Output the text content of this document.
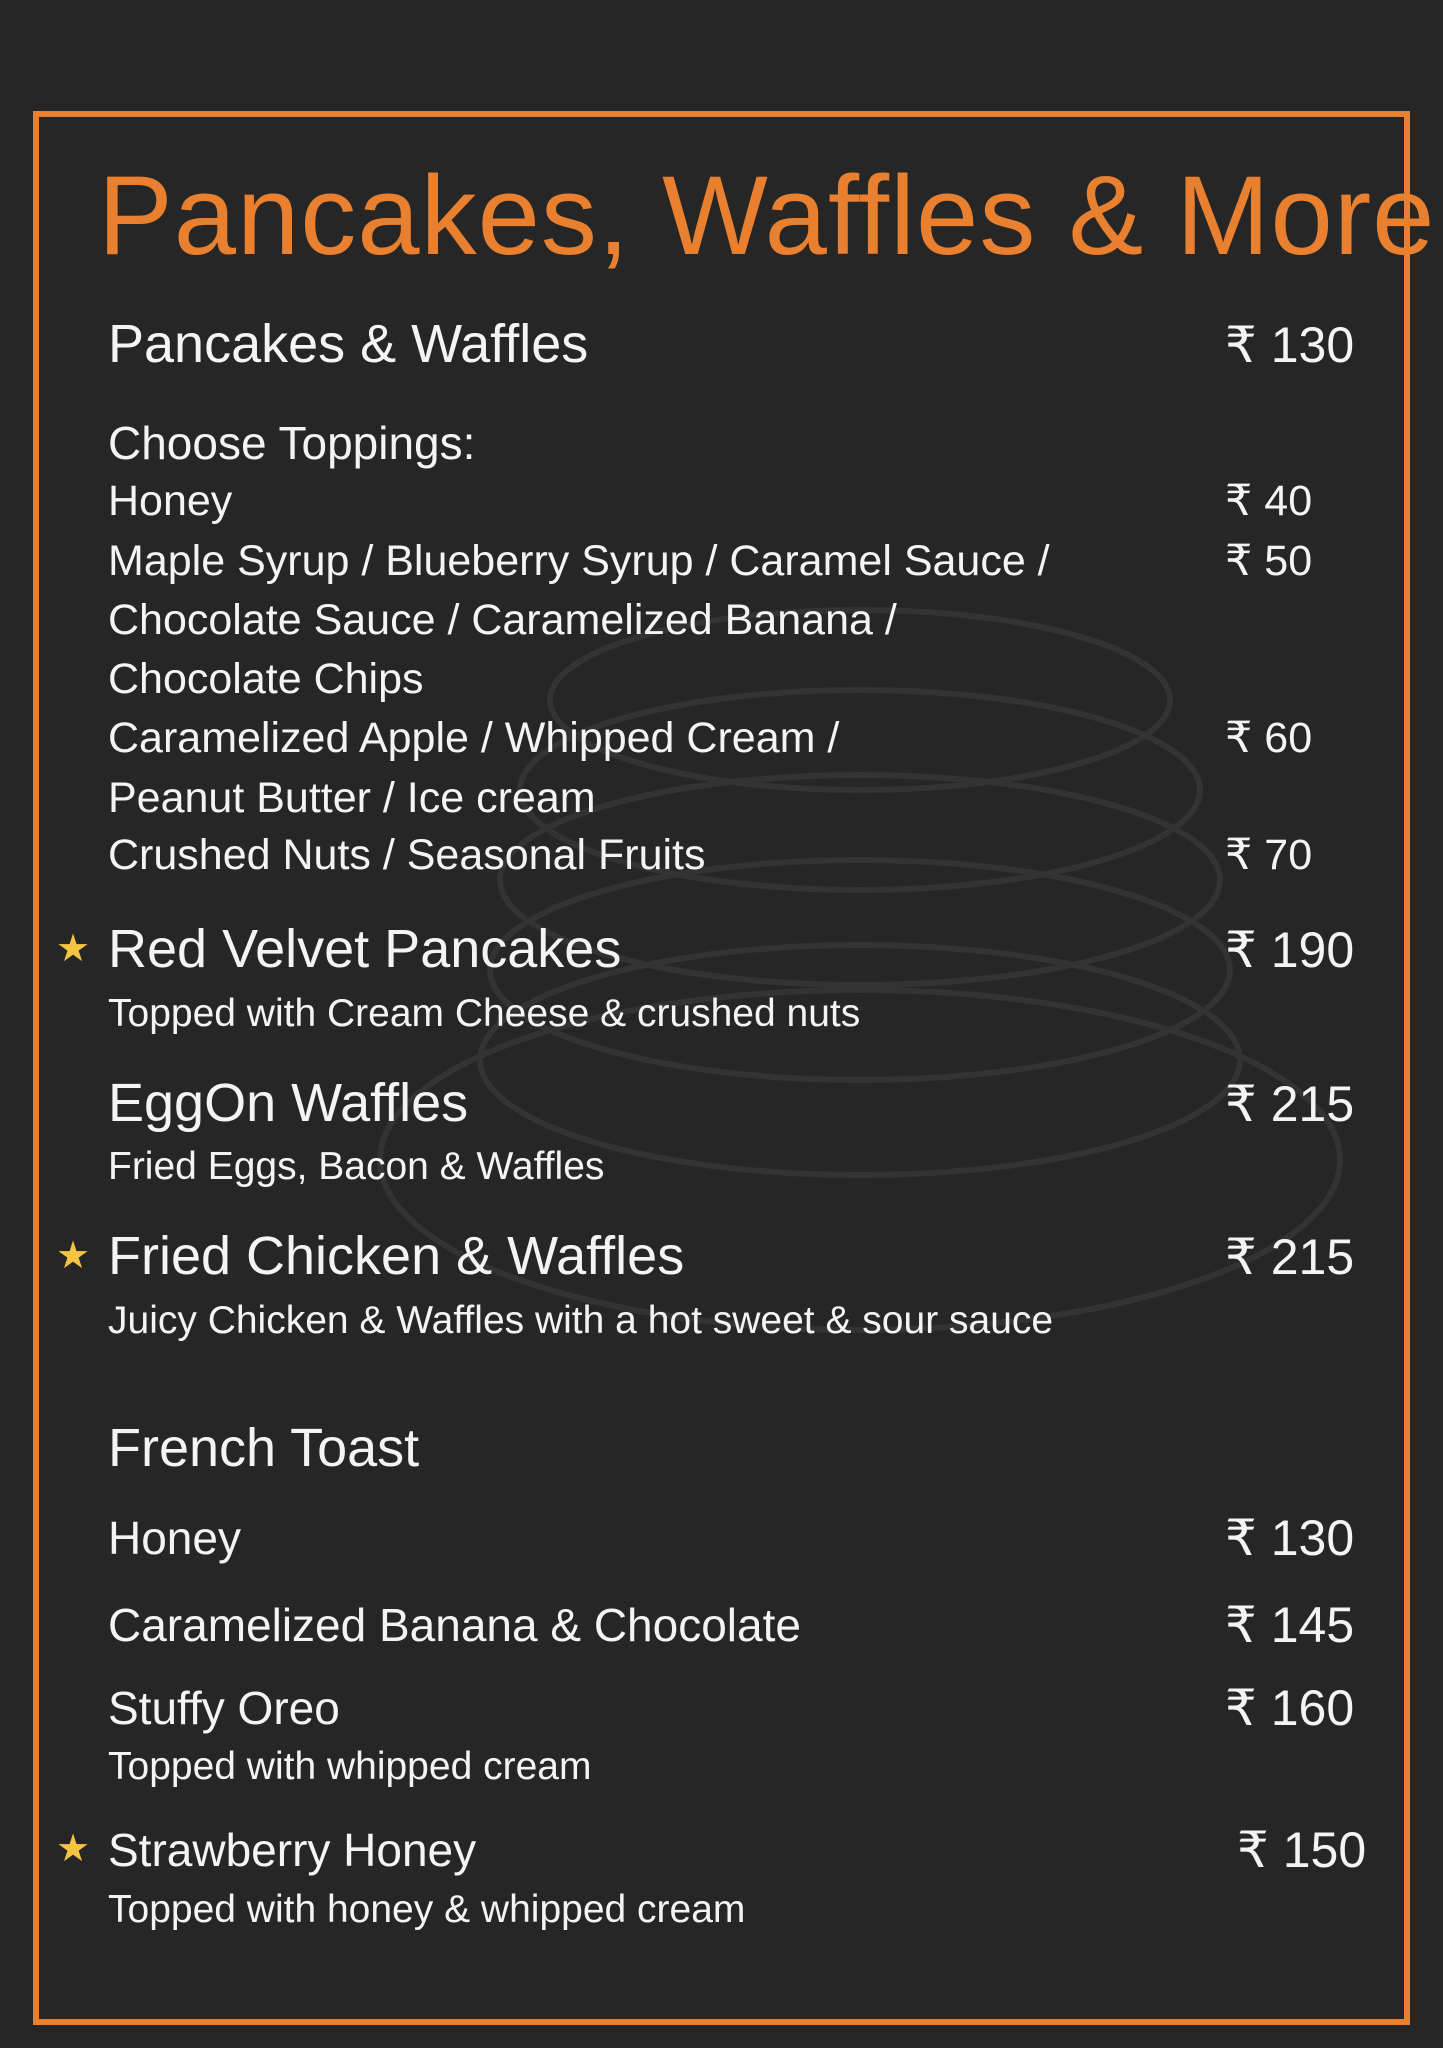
Pancakes, Waffles & More
Pancakes & Waffles	₹ 130
Choose Toppings:
Honey	₹ 40
Maple Syrup / Blueberry Syrup / Caramel Sauce /	₹ 50
Chocolate Sauce / Caramelized Banana /
Chocolate Chips
Caramelized Apple / Whipped Cream /	₹ 60
Peanut Butter / Ice cream
Crushed Nuts / Seasonal Fruits	₹ 70
Red Velvet Pancakes	₹ 190
★
Topped with Cream Cheese & crushed nuts
EggOn Waffles	₹ 215
Fried Eggs, Bacon & Waffles
Fried Chicken & Waffles	₹ 215
★
Juicy Chicken & Waffles with a hot sweet & sour sauce
French Toast
Honey	₹ 130
Caramelized Banana & Chocolate	₹ 145
Stuffy Oreo	₹ 160
Topped with whipped cream
Strawberry Honey	₹ 150
★
Topped with honey & whipped cream
